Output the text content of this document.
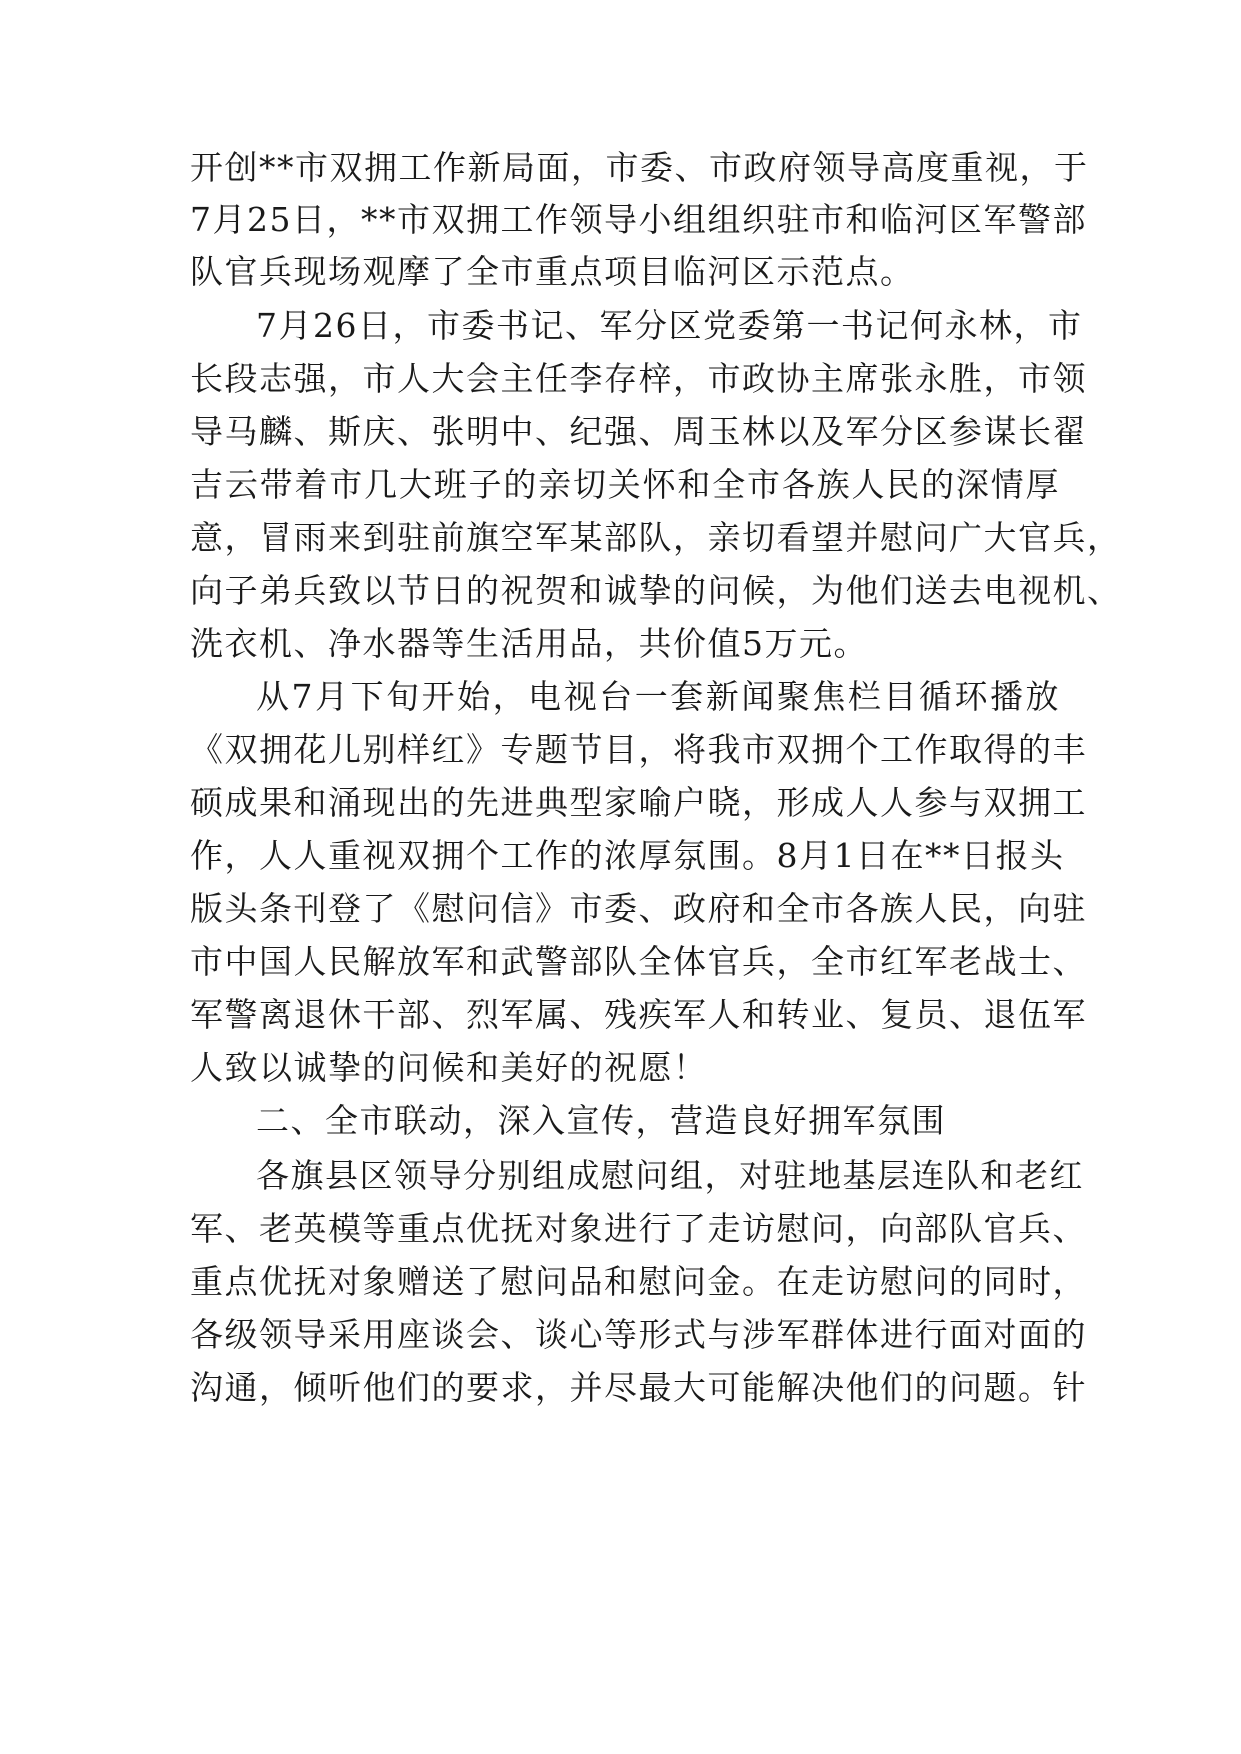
开创**市双拥工作新局面，市委、市政府领导高度重视，于
7月25日，**市双拥工作领导小组组织驻市和临河区军警部
队官兵现场观摩了全市重点项目临河区示范点。
7月26日，市委书记、军分区党委第一书记何永林，市
长段志强，市人大会主任李存梓，市政协主席张永胜，市领
导马麟、斯庆、张明中、纪强、周玉林以及军分区参谋长翟
吉云带着市几大班子的亲切关怀和全市各族人民的深情厚
意，冒雨来到驻前旗空军某部队，亲切看望并慰问广大官兵，
向子弟兵致以节日的祝贺和诚挚的问候，为他们送去电视机、
洗衣机、净水器等生活用品，共价值5万元。
从7月下旬开始，电视台一套新闻聚焦栏目循环播放
《双拥花儿别样红》专题节目，将我市双拥个工作取得的丰
硕成果和涌现出的先进典型家喻户晓，形成人人参与双拥工
作，人人重视双拥个工作的浓厚氛围。8月1日在**日报头
版头条刊登了《慰问信》市委、政府和全市各族人民，向驻
市中国人民解放军和武警部队全体官兵，全市红军老战士、
军警离退休干部、烈军属、残疾军人和转业、复员、退伍军
人致以诚挚的问候和美好的祝愿！
二、全市联动，深入宣传，营造良好拥军氛围
各旗县区领导分别组成慰问组，对驻地基层连队和老红
军、老英模等重点优抚对象进行了走访慰问，向部队官兵、
重点优抚对象赠送了慰问品和慰问金。在走访慰问的同时，
各级领导采用座谈会、谈心等形式与涉军群体进行面对面的
沟通，倾听他们的要求，并尽最大可能解决他们的问题。针
